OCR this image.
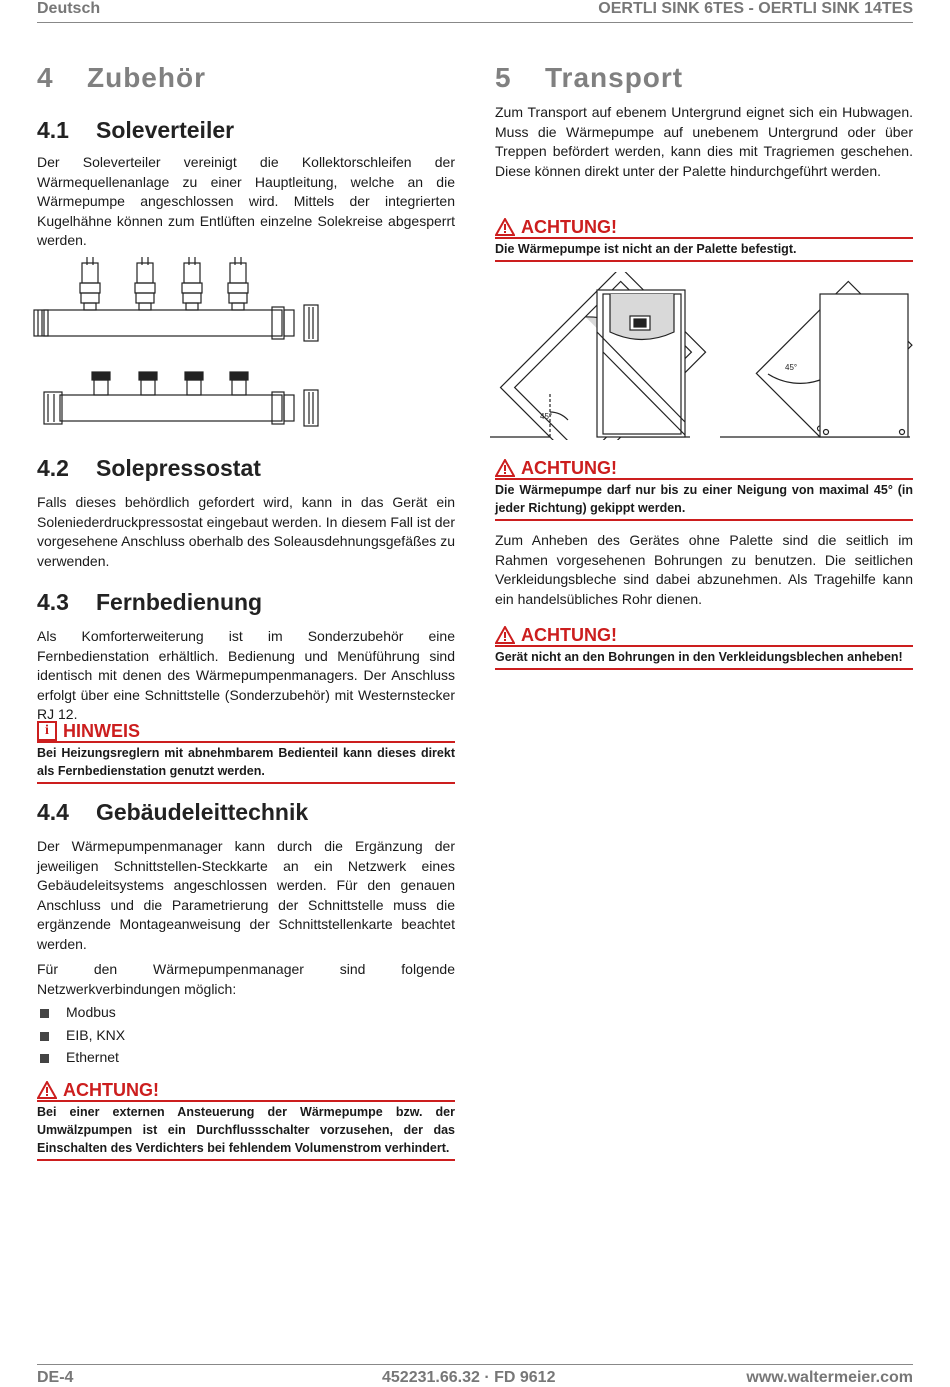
Deutsch	OERTLI SINK 6TES - OERTLI SINK 14TES
4 Zubehör
4.1 Soleverteiler

Der Soleverteiler vereinigt die Kollektorschleifen der Wärmequellenanlage zu einer Hauptleitung, welche an die Wärmepumpe angeschlossen wird. Mittels der integrierten Kugelhähne können zum Entlüften einzelne Solekreise abgesperrt werden.

4.2 Solepressostat

Falls dieses behördlich gefordert wird, kann in das Gerät ein Soleniederdruckpressostat eingebaut werden. In diesem Fall ist der vorgesehene Anschluss oberhalb des Soleausdehnungsgefäßes zu verwenden.

4.3 Fernbedienung

Als Komforterweiterung ist im Sonderzubehör eine Fernbedienstation erhältlich. Bedienung und Menüführung sind identisch mit denen des Wärmepumpenmanagers. Der Anschluss erfolgt über eine Schnittstelle (Sonderzubehör) mit Westernstecker RJ 12.

i HINWEIS
Bei Heizungsreglern mit abnehmbarem Bedienteil kann dieses direkt als Fernbedienstation genutzt werden.
4.4 Gebäudeleittechnik

Der Wärmepumpenmanager kann durch die Ergänzung der jeweiligen Schnittstellen-Steckkarte an ein Netzwerk eines Gebäudeleitsystems angeschlossen werden. Für den genauen Anschluss und die Parametrierung der Schnittstelle muss die ergänzende Montageanweisung der Schnittstellenkarte beachtet werden.

Für den Wärmepumpenmanager sind folgende Netzwerkverbindungen möglich:

Modbus
EIB, KNX
Ethernet
ACHTUNG!
Bei einer externen Ansteuerung der Wärmepumpe bzw. der Umwälzpumpen ist ein Durchflussschalter vorzusehen, der das Einschalten des Verdichters bei fehlendem Volumenstrom verhindert.
5 Transport

Zum Transport auf ebenem Untergrund eignet sich ein Hubwagen. Muss die Wärmepumpe auf unebenem Untergrund oder über Treppen befördert werden, kann dies mit Tragriemen geschehen. Diese können direkt unter der Palette hindurchgeführt werden.

ACHTUNG!
Die Wärmepumpe ist nicht an der Palette befestigt.
45°
45°
ACHTUNG!
Die Wärmepumpe darf nur bis zu einer Neigung von maximal 45° (in jeder Richtung) gekippt werden.

Zum Anheben des Gerätes ohne Palette sind die seitlich im Rahmen vorgesehenen Bohrungen zu benutzen. Die seitlichen Verkleidungsbleche sind dabei abzunehmen. Als Tragehilfe kann ein handelsübliches Rohr dienen.

ACHTUNG!
Gerät nicht an den Bohrungen in den Verkleidungsblechen anheben!
DE-4	452231.66.32 · FD 9612	www.waltermeier.com
